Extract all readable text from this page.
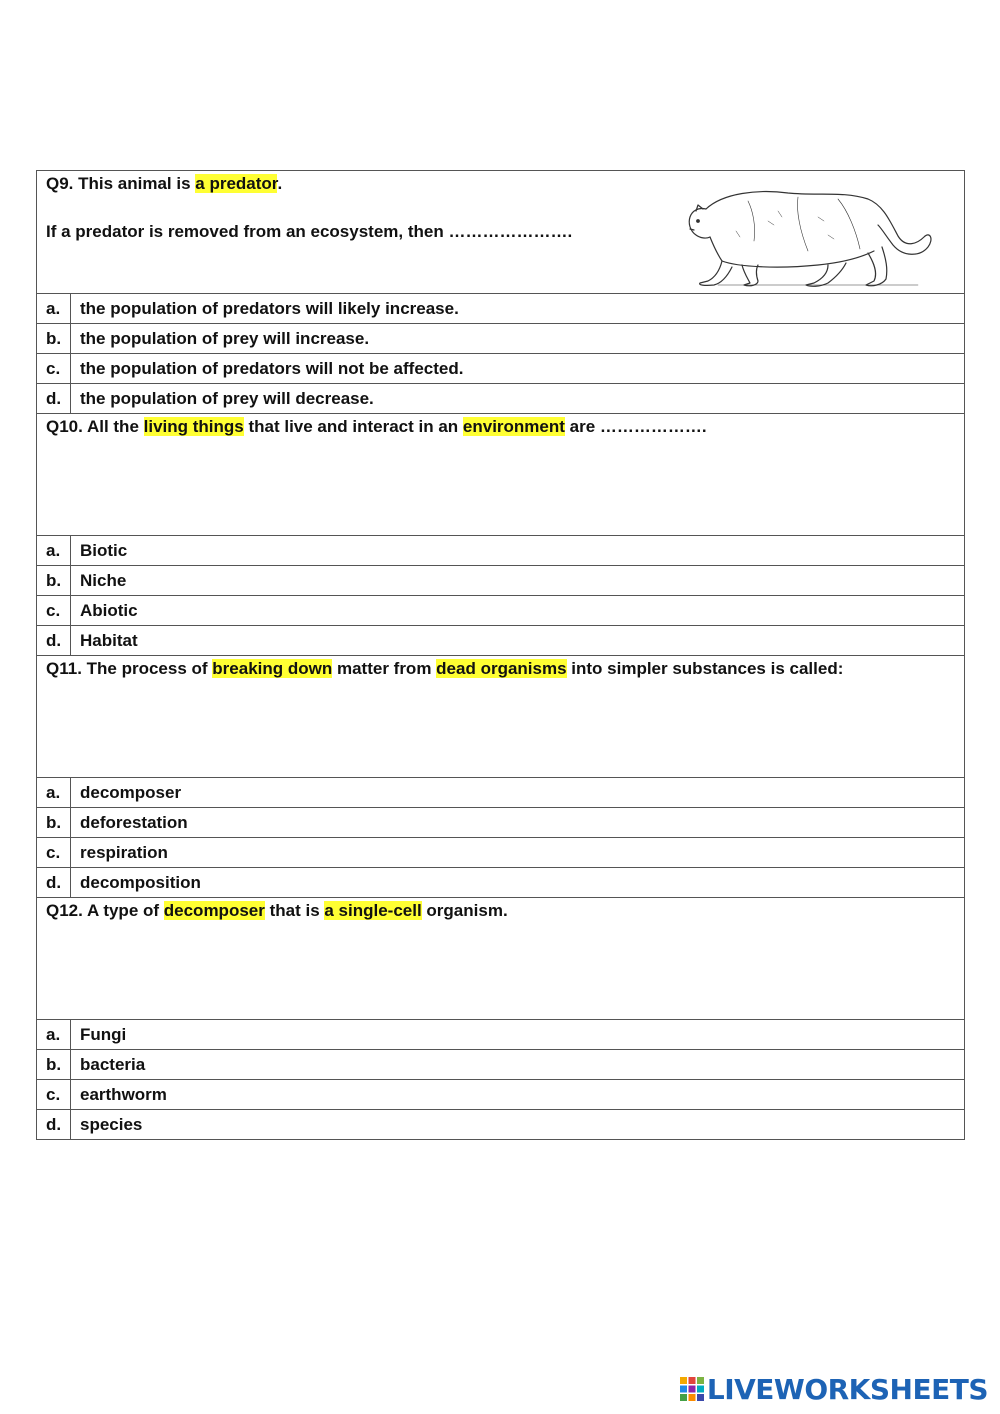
Q9. This animal is a predator.
If a predator is removed from an ecosystem, then ………………….	

a.	the population of predators will likely increase.
b.	the population of prey will increase.
c.	the population of predators will not be affected.
d.	the population of prey will decrease.
Q10. All the living things that live and interact in an environment are ……………….	
a.	Biotic
b.	Niche
c.	Abiotic
d.	Habitat
Q11. The process of breaking down matter from dead organisms into simpler substances is called:	
a.	decomposer
b.	deforestation
c.	respiration
d.	decomposition
Q12. A type of decomposer that is a single-cell organism.	
a.	Fungi
b.	bacteria
c.	earthworm
d.	species
LIVEWORKSHEETS
